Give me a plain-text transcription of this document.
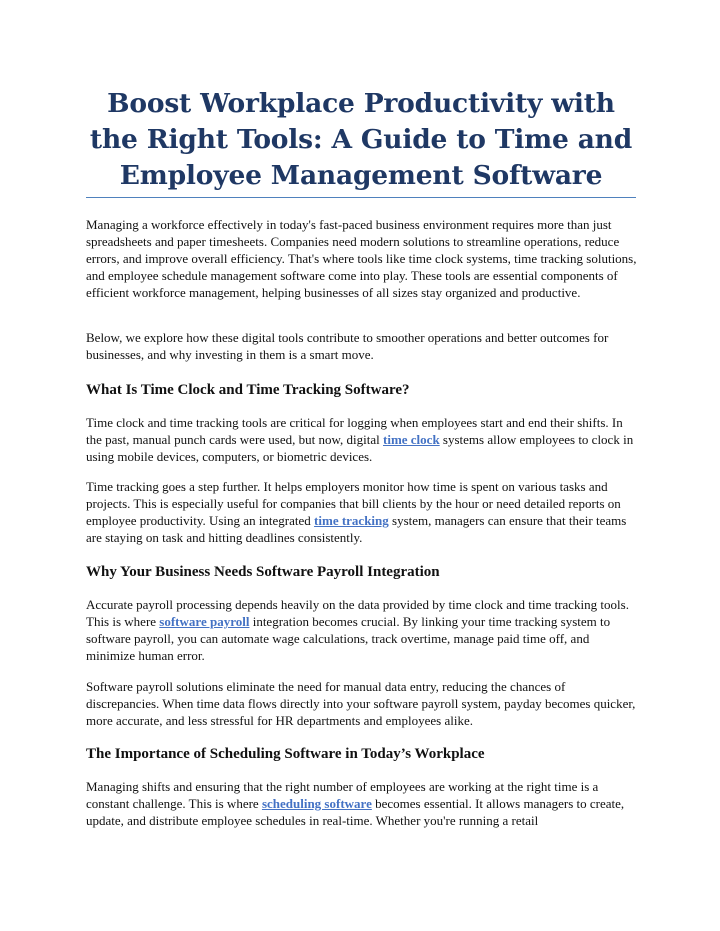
Boost Workplace Productivity with the Right Tools: A Guide to Time and Employee Management Software

Managing a workforce effectively in today's fast-paced business environment requires more than just spreadsheets and paper timesheets. Companies need modern solutions to streamline operations, reduce errors, and improve overall efficiency. That's where tools like time clock systems, time tracking solutions, and employee schedule management software come into play. These tools are essential components of efficient workforce management, helping businesses of all sizes stay organized and productive.

Below, we explore how these digital tools contribute to smoother operations and better outcomes for businesses, and why investing in them is a smart move.

What Is Time Clock and Time Tracking Software?

Time clock and time tracking tools are critical for logging when employees start and end their shifts. In the past, manual punch cards were used, but now, digital time clock systems allow employees to clock in using mobile devices, computers, or biometric devices.

Time tracking goes a step further. It helps employers monitor how time is spent on various tasks and projects. This is especially useful for companies that bill clients by the hour or need detailed reports on employee productivity. Using an integrated time tracking system, managers can ensure that their teams are staying on task and hitting deadlines consistently.

Why Your Business Needs Software Payroll Integration

Accurate payroll processing depends heavily on the data provided by time clock and time tracking tools. This is where software payroll integration becomes crucial. By linking your time tracking system to software payroll, you can automate wage calculations, track overtime, manage paid time off, and minimize human error.

Software payroll solutions eliminate the need for manual data entry, reducing the chances of discrepancies. When time data flows directly into your software payroll system, payday becomes quicker, more accurate, and less stressful for HR departments and employees alike.

The Importance of Scheduling Software in Today’s Workplace

Managing shifts and ensuring that the right number of employees are working at the right time is a constant challenge. This is where scheduling software becomes essential. It allows managers to create, update, and distribute employee schedules in real-time. Whether you're running a retail
